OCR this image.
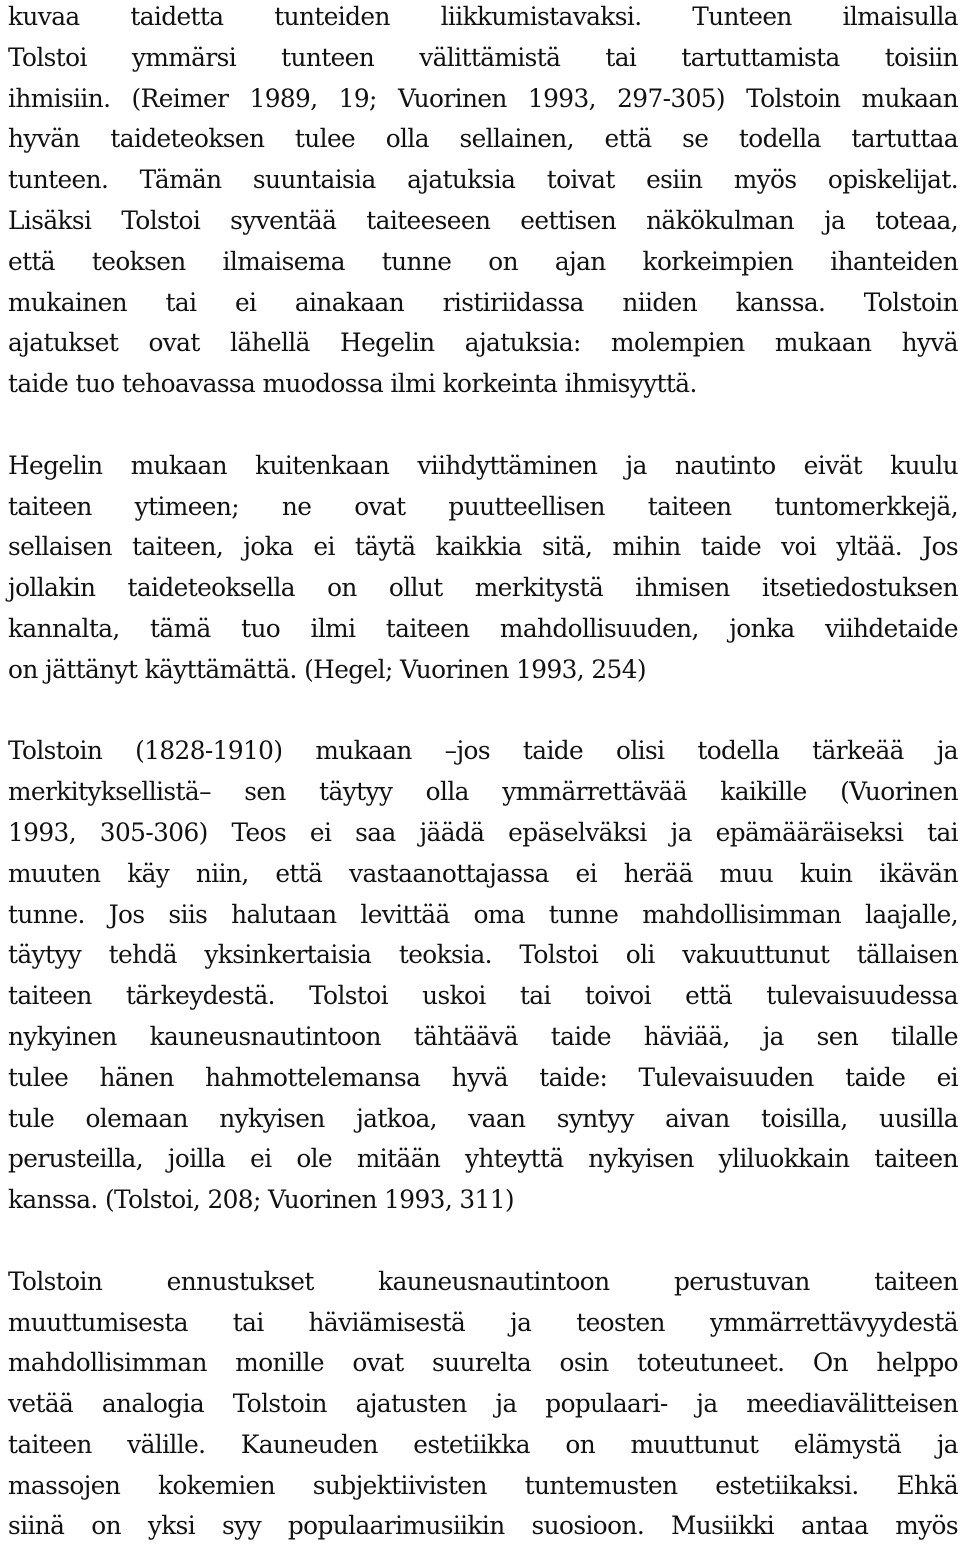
kuvaa taidetta tunteiden liikkumistavaksi. Tunteen ilmaisulla
Tolstoi ymmärsi tunteen välittämistä tai tartuttamista toisiin
ihmisiin. (Reimer 1989, 19; Vuorinen 1993, 297-305) Tolstoin mukaan
hyvän taideteoksen tulee olla sellainen, että se todella tartuttaa
tunteen. Tämän suuntaisia ajatuksia toivat esiin myös opiskelijat.
Lisäksi Tolstoi syventää taiteeseen eettisen näkökulman ja toteaa,
että teoksen ilmaisema tunne on ajan korkeimpien ihanteiden
mukainen tai ei ainakaan ristiriidassa niiden kanssa. Tolstoin
ajatukset ovat lähellä Hegelin ajatuksia: molempien mukaan hyvä
taide tuo tehoavassa muodossa ilmi korkeinta ihmisyyttä.
Hegelin mukaan kuitenkaan viihdyttäminen ja nautinto eivät kuulu
taiteen ytimeen; ne ovat puutteellisen taiteen tuntomerkkejä,
sellaisen taiteen, joka ei täytä kaikkia sitä, mihin taide voi yltää. Jos
jollakin taideteoksella on ollut merkitystä ihmisen itsetiedostuksen
kannalta, tämä tuo ilmi taiteen mahdollisuuden, jonka viihdetaide
on jättänyt käyttämättä. (Hegel; Vuorinen 1993, 254)
Tolstoin (1828-1910) mukaan –jos taide olisi todella tärkeää ja
merkityksellistä– sen täytyy olla ymmärrettävää kaikille (Vuorinen
1993, 305-306) Teos ei saa jäädä epäselväksi ja epämääräiseksi tai
muuten käy niin, että vastaanottajassa ei herää muu kuin ikävän
tunne. Jos siis halutaan levittää oma tunne mahdollisimman laajalle,
täytyy tehdä yksinkertaisia teoksia. Tolstoi oli vakuuttunut tällaisen
taiteen tärkeydestä. Tolstoi uskoi tai toivoi että tulevaisuudessa
nykyinen kauneusnautintoon tähtäävä taide häviää, ja sen tilalle
tulee hänen hahmottelemansa hyvä taide: Tulevaisuuden taide ei
tule olemaan nykyisen jatkoa, vaan syntyy aivan toisilla, uusilla
perusteilla, joilla ei ole mitään yhteyttä nykyisen yliluokkain taiteen
kanssa. (Tolstoi, 208; Vuorinen 1993, 311)
Tolstoin ennustukset kauneusnautintoon perustuvan taiteen
muuttumisesta tai häviämisestä ja teosten ymmärrettävyydestä
mahdollisimman monille ovat suurelta osin toteutuneet. On helppo
vetää analogia Tolstoin ajatusten ja populaari- ja meediavälitteisen
taiteen välille. Kauneuden estetiikka on muuttunut elämystä ja
massojen kokemien subjektiivisten tuntemusten estetiikaksi. Ehkä
siinä on yksi syy populaarimusiikin suosioon. Musiikki antaa myös
